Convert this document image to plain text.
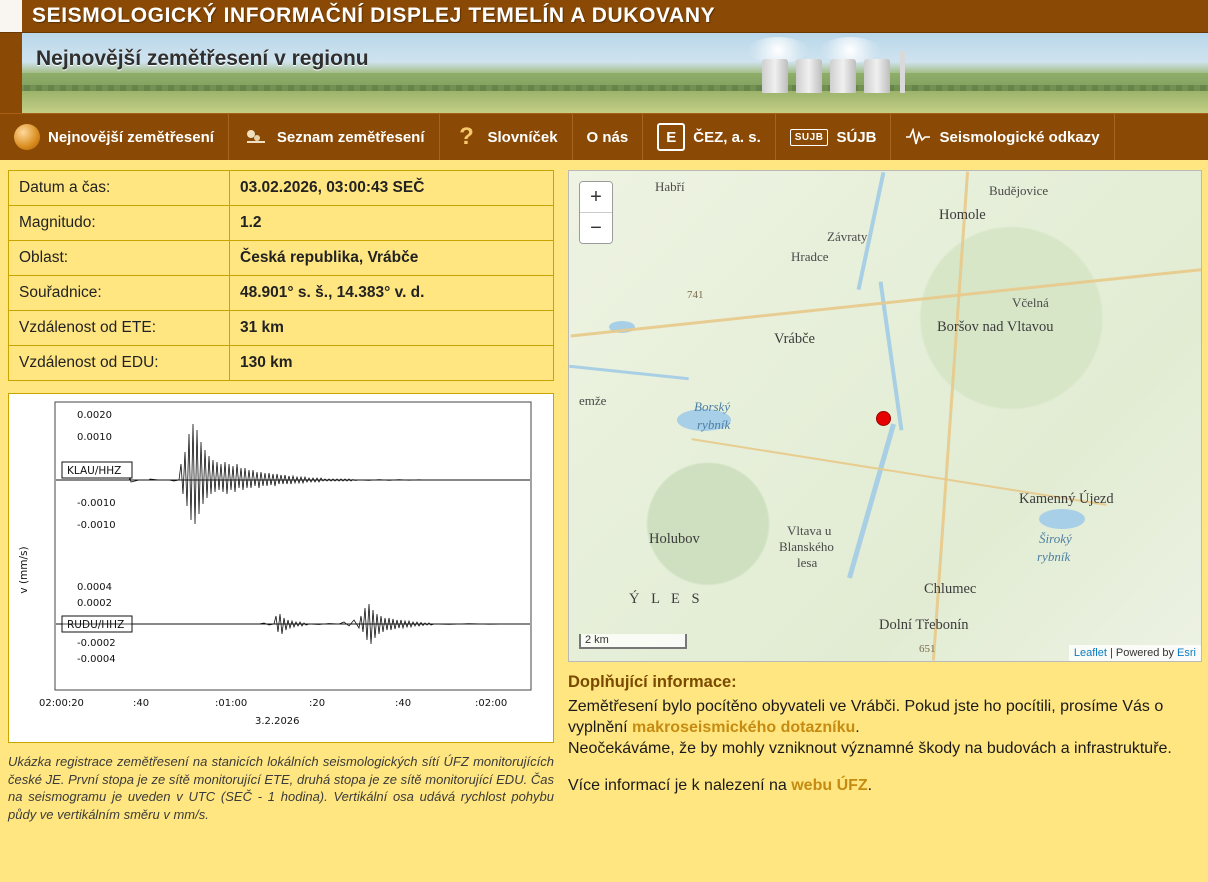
SEISMOLOGICKÝ INFORMAČNÍ DISPLEJ TEMELÍN A DUKOVANY
Nejnovější zemětřesení v regionu
Nejnovější zemětřesení	Seznam zemětřesení ? Slovníček O nás	E	ČEZ, a. s.	SUJB SÚJB	Seismologické odkazy
Datum a čas:	03.02.2026, 03:00:43 SEČ
Magnitudo:	1.2
Oblast:	Česká republika, Vrábče
Souřadnice:	48.901° s. š., 14.383° v. d.
Vzdálenost od ETE:	31 km
Vzdálenost od EDU:	130 km
0.0020
0.0010
-0.0010
-0.0010
KLAU/HHZ
0.0004
0.0002
-0.0002
-0.0004
RUDU/HHZ
02:00:20	:40	:01:00	:20	:40	:02:00
3.2.2026
v (mm/s)
Ukázka registrace zemětřesení na stanicích lokálních seismologických sítí ÚFZ monitorujících české JE. První stopa je ze sítě monitorující ETE, druhá stopa je ze sítě monitorující EDU. Čas na seismogramu je uveden v UTC (SEČ - 1 hodina). Vertikální osa udává rychlost pohybu půdy ve vertikálním směru v mm/s.
+
−
Habří	Budějovice
Homole
Závraty
Hradce
Včelná
741
Boršov nad Vltavou
Vrábče
emže	Borský
rybník
Kamenný Újezd
Holubov
Vltava u
Blanského
lesa
Široký
rybník
Chlumec
Ý L E S
Dolní Třebonín
651
2 km
Leaflet | Powered by Esri
Doplňující informace:

Zemětřesení bylo pocítěno obyvateli ve Vrábči. Pokud jste ho pocítili, prosíme Vás o vyplnění makroseismického dotazníku.

Neočekáváme, že by mohly vzniknout významné škody na budovách a infrastruktuře.

Více informací je k nalezení na webu ÚFZ.
